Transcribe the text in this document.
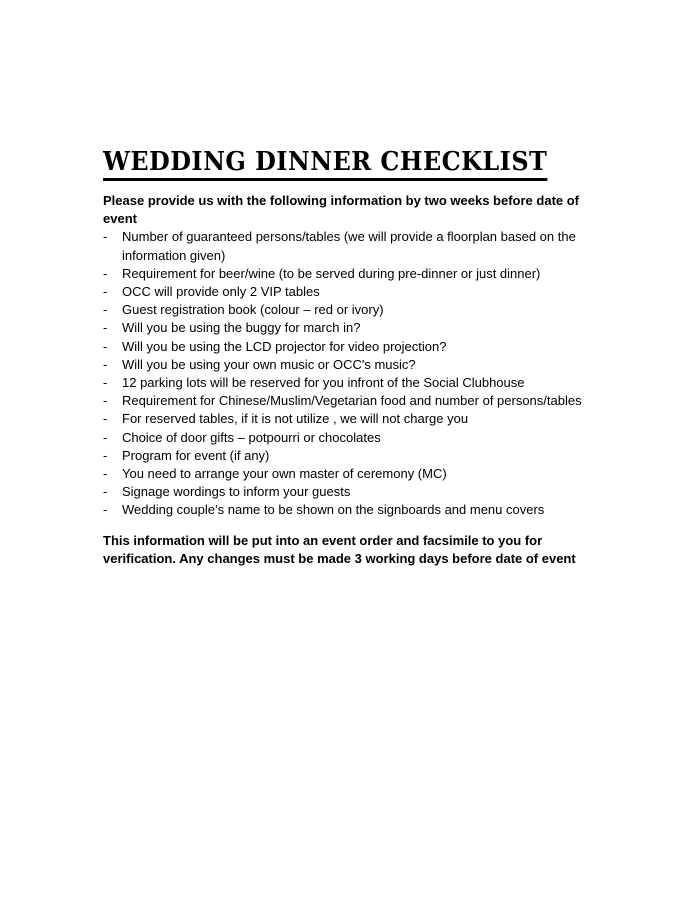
WEDDING DINNER CHECKLIST

Please provide us with the following information by two weeks before date of event

-	Number of guaranteed persons/tables (we will provide a floorplan based on the information given)
-	Requirement for beer/wine (to be served during pre-dinner or just dinner)
-	OCC will provide only 2 VIP tables
-	Guest registration book (colour – red or ivory)
-	Will you be using the buggy for march in?
-	Will you be using the LCD projector for video projection?
-	Will you be using your own music or OCC's music?
-	12 parking lots will be reserved for you infront of the Social Clubhouse
-	Requirement for Chinese/Muslim/Vegetarian food and number of persons/tables
-	For reserved tables, if it is not utilize , we will not charge you
-	Choice of door gifts – potpourri or chocolates
-	Program for event (if any)
-	You need to arrange your own master of ceremony (MC)
-	Signage wordings to inform your guests
-	Wedding couple’s name to be shown on the signboards and menu covers

This information will be put into an event order and facsimile to you for verification. Any changes must be made 3 working days before date of event
